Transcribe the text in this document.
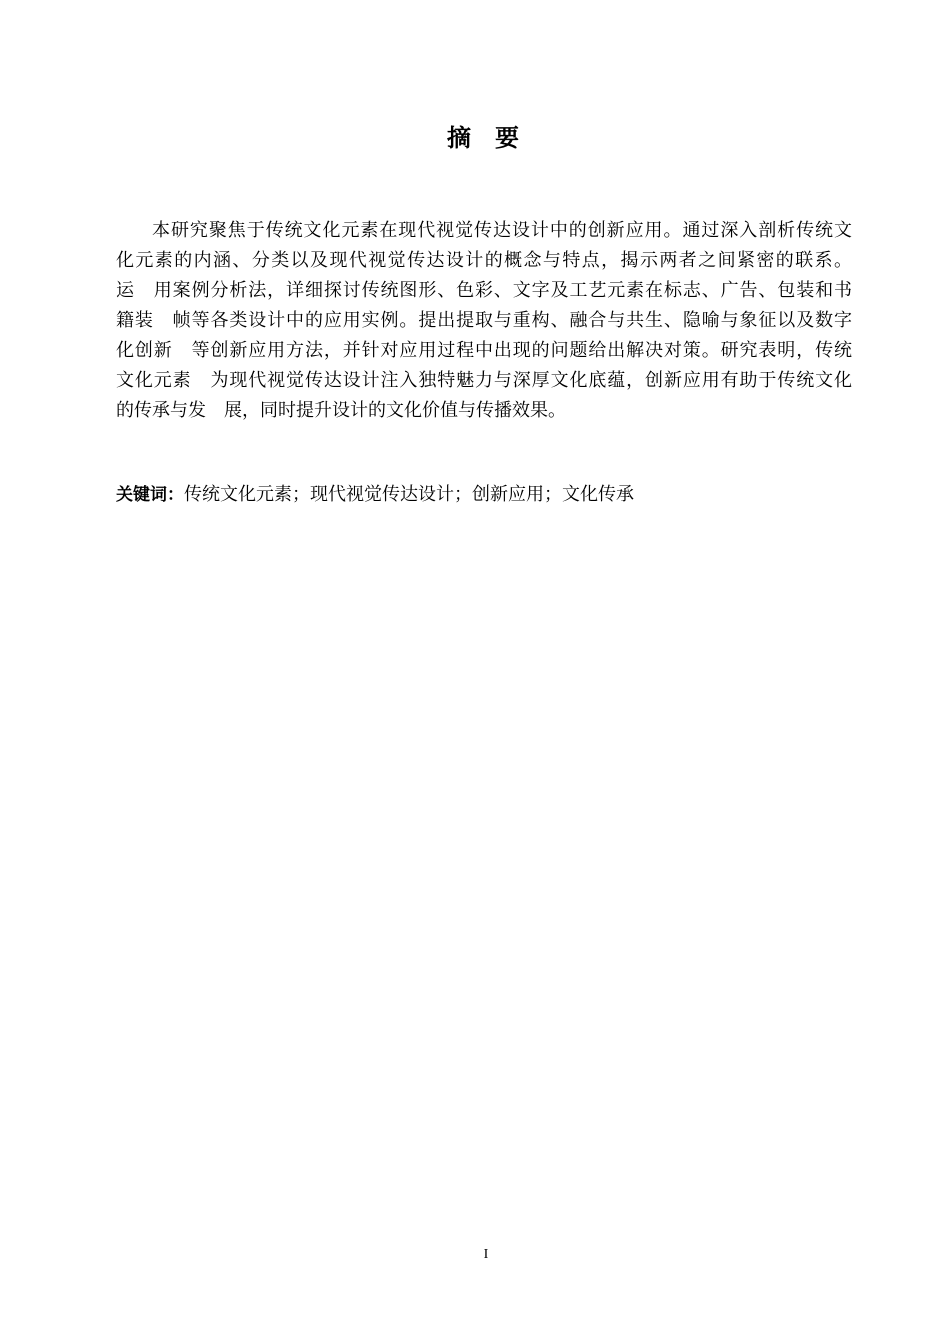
摘　要
本研究聚焦于传统文化元素在现代视觉传达设计中的创新应用。通过深入剖析传统文
化元素的内涵、分类以及现代视觉传达设计的概念与特点，揭示两者之间紧密的联系。
运　用案例分析法，详细探讨传统图形、色彩、文字及工艺元素在标志、广告、包装和书
籍装　帧等各类设计中的应用实例。提出提取与重构、融合与共生、隐喻与象征以及数字
化创新　等创新应用方法，并针对应用过程中出现的问题给出解决对策。研究表明，传统
文化元素　为现代视觉传达设计注入独特魅力与深厚文化底蕴，创新应用有助于传统文化
的传承与发　展，同时提升设计的文化价值与传播效果。
关键词：传统文化元素；现代视觉传达设计；创新应用；文化传承
I
